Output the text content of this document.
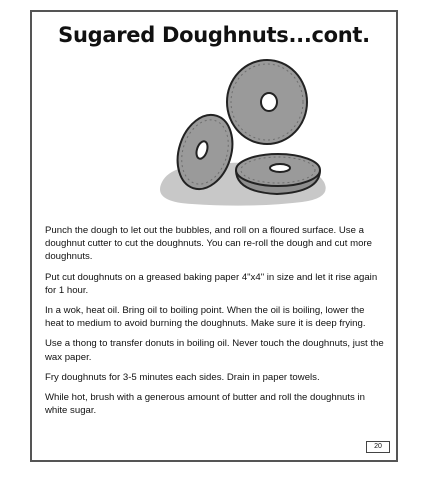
Sugared Doughnuts...cont.

Punch the dough to let out the bubbles, and roll on a floured surface. Use a doughnut cutter to cut the doughnuts. You can re-roll the dough and cut more doughnuts.

Put cut doughnuts on a greased baking paper 4"x4" in size and let it rise again for 1 hour.

In a wok, heat oil. Bring oil to boiling point. When the oil is boiling, lower the heat to medium to avoid burning the doughnuts. Make sure it is deep frying.

Use a thong to transfer donuts in boiling oil. Never touch the doughnuts, just the wax paper.

Fry doughnuts for 3-5 minutes each sides. Drain in paper towels.

While hot, brush with a generous amount of butter and roll the doughnuts in white sugar.

20
